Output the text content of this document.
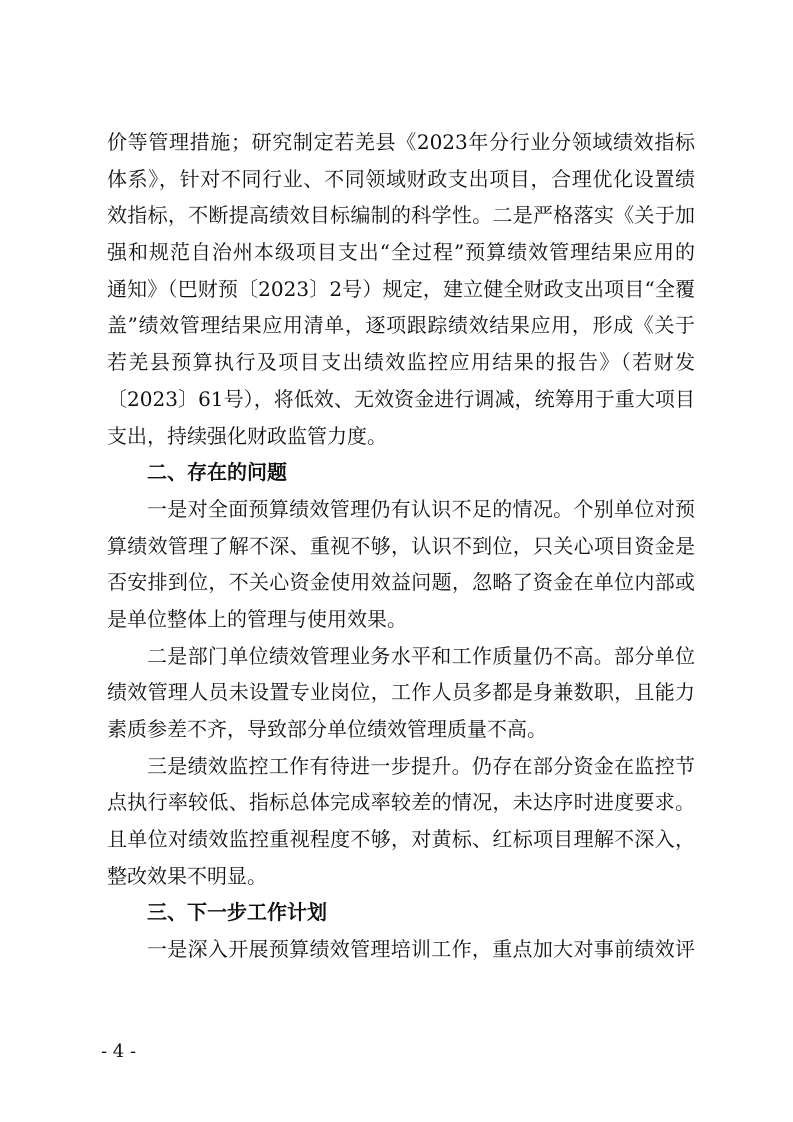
价等管理措施；研究制定若羌县《2023年分行业分领域绩效指标
体系》，针对不同行业、不同领域财政支出项目，合理优化设置绩
效指标，不断提高绩效目标编制的科学性。二是严格落实《关于加
强和规范自治州本级项目支出“全过程”预算绩效管理结果应用的
通知》（巴财预〔2023〕2号）规定，建立健全财政支出项目“全覆
盖”绩效管理结果应用清单，逐项跟踪绩效结果应用，形成《关于
若羌县预算执行及项目支出绩效监控应用结果的报告》（若财发
〔2023〕61号），将低效、无效资金进行调减，统筹用于重大项目
支出，持续强化财政监管力度。
二、存在的问题
一是对全面预算绩效管理仍有认识不足的情况。个别单位对预
算绩效管理了解不深、重视不够，认识不到位，只关心项目资金是
否安排到位，不关心资金使用效益问题，忽略了资金在单位内部或
是单位整体上的管理与使用效果。
二是部门单位绩效管理业务水平和工作质量仍不高。部分单位
绩效管理人员未设置专业岗位，工作人员多都是身兼数职，且能力
素质参差不齐，导致部分单位绩效管理质量不高。
三是绩效监控工作有待进一步提升。仍存在部分资金在监控节
点执行率较低、指标总体完成率较差的情况，未达序时进度要求。
且单位对绩效监控重视程度不够，对黄标、红标项目理解不深入，
整改效果不明显。
三、下一步工作计划
一是深入开展预算绩效管理培训工作，重点加大对事前绩效评
- 4 -
